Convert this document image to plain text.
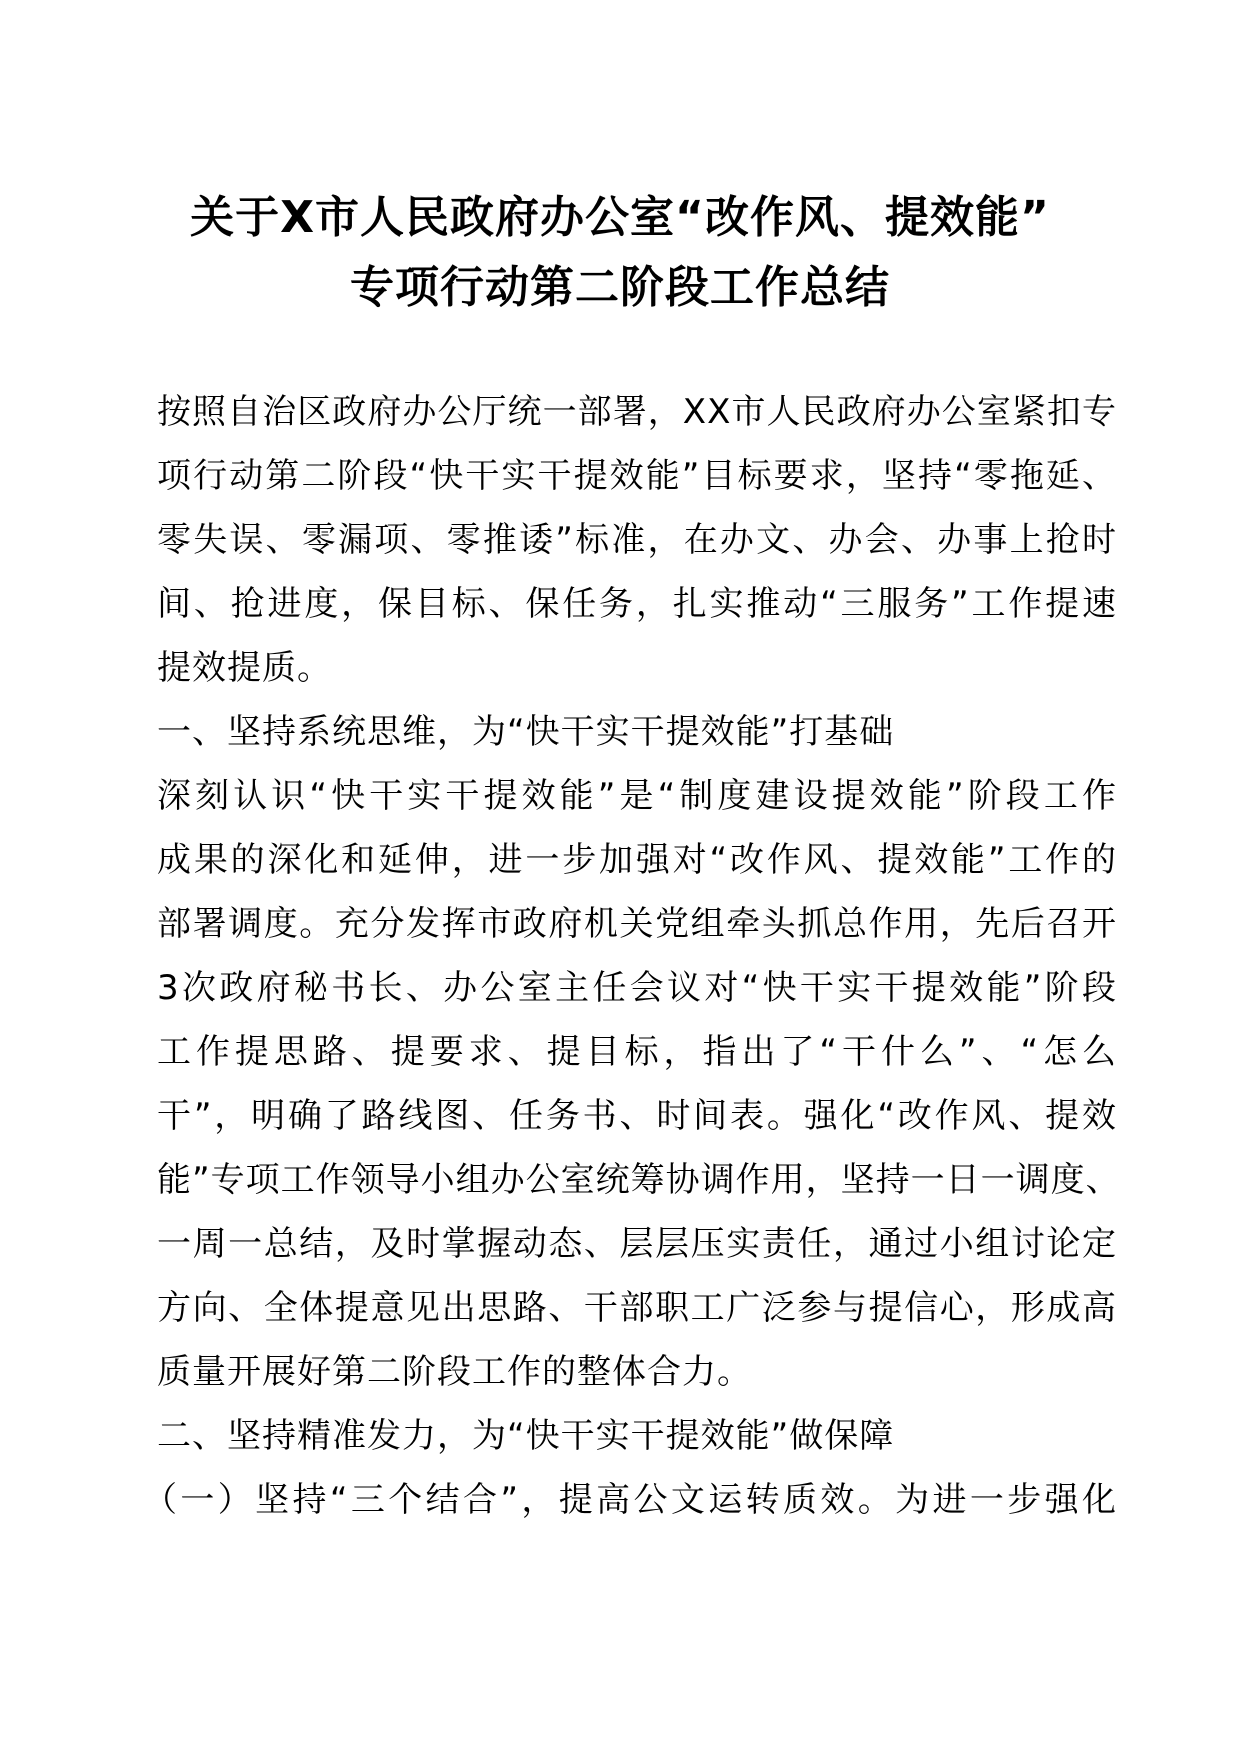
关于X市人民政府办公室“改作风、提效能”
专项行动第二阶段工作总结
按照自治区政府办公厅统一部署，XX市人民政府办公室紧扣专
项行动第二阶段“快干实干提效能”目标要求，坚持“零拖延、
零失误、零漏项、零推诿”标准，在办文、办会、办事上抢时
间、抢进度，保目标、保任务，扎实推动“三服务”工作提速
提效提质。
一、坚持系统思维，为“快干实干提效能”打基础
深刻认识“快干实干提效能”是“制度建设提效能”阶段工作
成果的深化和延伸，进一步加强对“改作风、提效能”工作的
部署调度。充分发挥市政府机关党组牵头抓总作用，先后召开
3次政府秘书长、办公室主任会议对“快干实干提效能”阶段
工作提思路、提要求、提目标，指出了“干什么”、“怎么
干”，明确了路线图、任务书、时间表。强化“改作风、提效
能”专项工作领导小组办公室统筹协调作用，坚持一日一调度、
一周一总结，及时掌握动态、层层压实责任，通过小组讨论定
方向、全体提意见出思路、干部职工广泛参与提信心，形成高
质量开展好第二阶段工作的整体合力。
二、坚持精准发力，为“快干实干提效能”做保障
（一）坚持“三个结合”，提高公文运转质效。为进一步强化
